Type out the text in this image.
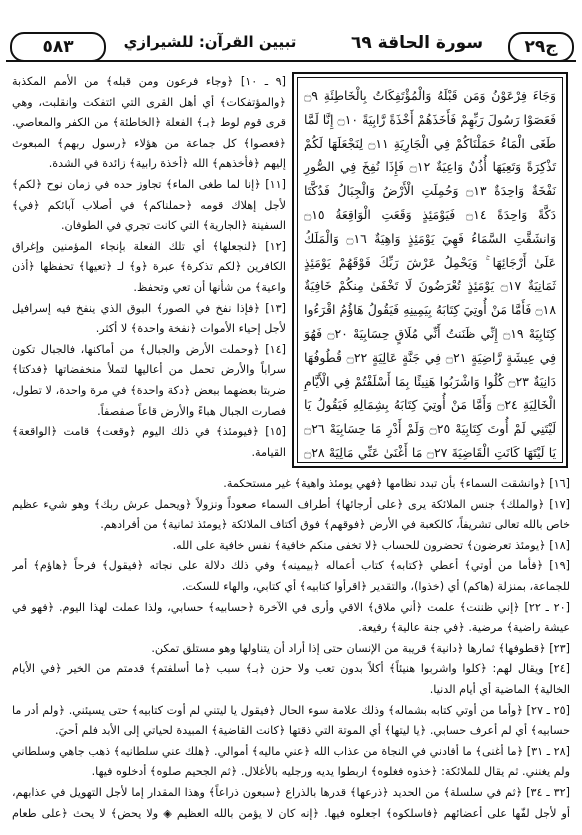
٥٨٣	تبيين القرآن: للشيرازي	سورة الحاقة ٦٩	ج٢٩
وَجَاءَ فِرْعَوْنُ وَمَن قَبْلَهُ وَالْمُؤْتَفِكَاتُ بِالْخَاطِئَةِ ۝٩ فَعَصَوْا رَسُولَ رَبِّهِمْ فَأَخَذَهُمْ أَخْذَةً رَّابِيَةً ۝١٠ إِنَّا لَمَّا طَغَى الْمَاءُ حَمَلْنَاكُمْ فِي الْجَارِيَةِ ۝١١ لِنَجْعَلَهَا لَكُمْ تَذْكِرَةً وَتَعِيَهَا أُذُنٌ وَاعِيَةٌ ۝١٢ فَإِذَا نُفِخَ فِي الصُّورِ نَفْخَةٌ وَاحِدَةٌ ۝١٣ وَحُمِلَتِ الْأَرْضُ وَالْجِبَالُ فَدُكَّتَا دَكَّةً وَاحِدَةً ۝١٤ فَيَوْمَئِذٍ وَقَعَتِ الْوَاقِعَةُ ۝١٥ وَانشَقَّتِ السَّمَاءُ فَهِيَ يَوْمَئِذٍ وَاهِيَةٌ ۝١٦ وَالْمَلَكُ عَلَىٰ أَرْجَائِهَا ۚ وَيَحْمِلُ عَرْشَ رَبِّكَ فَوْقَهُمْ يَوْمَئِذٍ ثَمَانِيَةٌ ۝١٧ يَوْمَئِذٍ تُعْرَضُونَ لَا تَخْفَىٰ مِنكُمْ خَافِيَةٌ ۝١٨ فَأَمَّا مَنْ أُوتِيَ كِتَابَهُ بِيَمِينِهِ فَيَقُولُ هَاؤُمُ اقْرَءُوا كِتَابِيَهْ ۝١٩ إِنِّي ظَنَنتُ أَنِّي مُلَاقٍ حِسَابِيَهْ ۝٢٠ فَهُوَ فِي عِيشَةٍ رَّاضِيَةٍ ۝٢١ فِي جَنَّةٍ عَالِيَةٍ ۝٢٢ قُطُوفُهَا دَانِيَةٌ ۝٢٣ كُلُوا وَاشْرَبُوا هَنِيئًا بِمَا أَسْلَفْتُمْ فِي الْأَيَّامِ الْخَالِيَةِ ۝٢٤ وَأَمَّا مَنْ أُوتِيَ كِتَابَهُ بِشِمَالِهِ فَيَقُولُ يَا لَيْتَنِي لَمْ أُوتَ كِتَابِيَهْ ۝٢٥ وَلَمْ أَدْرِ مَا حِسَابِيَهْ ۝٢٦ يَا لَيْتَهَا كَانَتِ الْقَاضِيَةَ ۝٢٧ مَا أَغْنَىٰ عَنِّي مَالِيَهْ ۝٢٨

[٩ ـ ١٠] ﴿وجاء فرعون ومن قبله﴾ من الأمم المكذبة ﴿والمؤتفكات﴾ أي أهل القرى التي ائتفكت وانقلبت، وهي قرى قوم لوط ﴿بـ﴾ الفعلة ﴿الخاطئة﴾ من الكفر والمعاصي. ﴿فعصوا﴾ كل جماعة من هؤلاء ﴿رسول ربهم﴾ المبعوث إليهم ﴿فأخذهم﴾ الله ﴿أخذة رابية﴾ زائدة في الشدة.

[١١] ﴿إنا لما طغى الماء﴾ تجاوز حده في زمان نوح ﴿لكم﴾ لأجل إهلاك قومه ﴿حملناكم﴾ في أصلاب آبائكم ﴿في﴾ السفينة ﴿الجارية﴾ التي كانت تجري في الطوفان.

[١٢] ﴿لنجعلها﴾ أي تلك الفعلة بإنجاء المؤمنين وإغراق الكافرين ﴿لكم تذكرة﴾ عبرة ﴿و﴾ لـ ﴿تعيها﴾ تحفظها ﴿أذن واعية﴾ من شأنها أن تعي وتحفظ.

[١٣] ﴿فإذا نفخ في الصور﴾ البوق الذي ينفخ فيه إسرافيل لأجل إحياء الأموات ﴿نفخة واحدة﴾ لا أكثر.

[١٤] ﴿وحملت الأرض والجبال﴾ من أماكنها، فالجبال تكون سراباً والأرض تحمل من أعاليها لتملأ منخفضاتها ﴿فدكتا﴾ ضربتا بعضهما ببعض ﴿دكة واحدة﴾ في مرة واحدة، لا تطول، فصارت الجبال هباءً والأرض قاعاً صفصفاً.

[١٥] ﴿فيومئذ﴾ في ذلك اليوم ﴿وقعت﴾ قامت ﴿الواقعة﴾ القيامة.

[١٦] ﴿وانشقت السماء﴾ بأن تبدد نظامها ﴿فهي يومئذ واهية﴾ غير مستحكمة.

[١٧] ﴿والملك﴾ جنس الملائكة يرى ﴿على أرجائها﴾ أطراف السماء صعوداً ونزولاً ﴿ويحمل عرش ربك﴾ وهو شيء عظيم خاص بالله تعالى تشريفاً، كالكعبة في الأرض ﴿فوقهم﴾ فوق أكتاف الملائكة ﴿يومئذ ثمانية﴾ من أفرادهم.

[١٨] ﴿يومئذ تعرضون﴾ تحضرون للحساب ﴿لا تخفى منكم خافية﴾ نفس خافية على الله.

[١٩] ﴿فأما من أوتي﴾ أعطي ﴿كتابه﴾ كتاب أعماله ﴿بيمينه﴾ وفي ذلك دلالة على نجاته ﴿فيقول﴾ فرحاً ﴿هاؤم﴾ أمر للجماعة، بمنزلة (هاكم) أي (خذوا)، والتقدير ﴿اقرأوا كتابيه﴾ أي كتابي، والهاء للسكت.

[٢٠ ـ ٢٢] ﴿إني ظننت﴾ علمت ﴿أني ملاق﴾ الاقي وأرى في الآخرة ﴿حسابيه﴾ حسابي، ولذا عملت لهذا اليوم. ﴿فهو في عيشة راضية﴾ مرضية. ﴿في جنة عالية﴾ رفيعة.

[٢٣] ﴿قطوفها﴾ ثمارها ﴿دانية﴾ قريبة من الإنسان حتى إذا أراد أن يتناولها وهو مستلق تمكن.

[٢٤] ويقال لهم: ﴿كلوا واشربوا هنيئاً﴾ أكلاً بدون تعب ولا حزن ﴿بـ﴾ سبب ﴿ما أسلفتم﴾ قدمتم من الخير ﴿في الأيام الخالية﴾ الماضية أي أيام الدنيا.

[٢٥ ـ ٢٧] ﴿وأما من أوتي كتابه بشماله﴾ وذلك علامة سوء الحال ﴿فيقول يا ليتني لم أوت كتابيه﴾ حتى يسيئني. ﴿ولم أدر ما حسابيه﴾ أي لم أعرف حسابي. ﴿يا ليتها﴾ أي الموتة التي ذقتها ﴿كانت القاضية﴾ المبيدة لحياتي إلى الأبد فلم أحيَ.

[٢٨ ـ ٣١] ﴿ما أغنى﴾ ما أفادني في النجاة من عذاب الله ﴿عني ماليه﴾ أموالي. ﴿هلك عني سلطانيه﴾ ذهب جاهي وسلطاني ولم يغنني. ثم يقال للملائكة: ﴿خذوه فغلوه﴾ اربطوا يديه ورجليه بالأغلال. ﴿ثم الجحيم صلوه﴾ أدخلوه فيها.

[٣٢ ـ ٣٤] ﴿ثم في سلسلة﴾ من الحديد ﴿ذرعها﴾ قدرها بالذراع ﴿سبعون ذراعاً﴾ وهذا المقدار إما لأجل التهويل في عذابهم، أو لأجل لفّها على أعضائهم ﴿فاسلكوه﴾ اجعلوه فيها. ﴿إنه كان لا يؤمن بالله العظيم ◈ ولا يحض﴾ لا يحث ﴿على طعام
